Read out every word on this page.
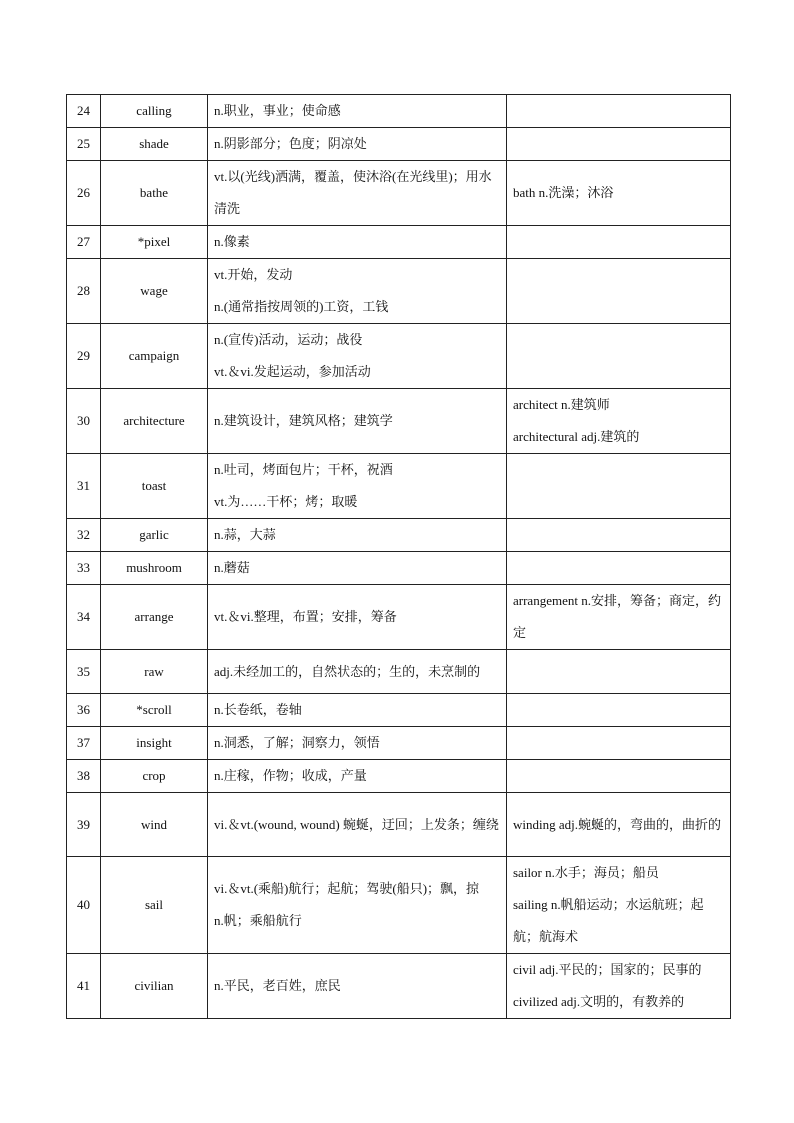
24	calling	n.职业，事业；使命感	

25	shade	n.阴影部分；色度；阴凉处	

26	bathe	vt.以(光线)洒满，覆盖，使沐浴(在光线里)；用水清洗	bath n.洗澡；沐浴

27	*pixel	n.像素	

28	wage	vt.开始，发动
n.(通常指按周领的)工资，工钱	

29	campaign	n.(宣传)活动，运动；战役
vt.＆vi.发起运动，参加活动	

30	architecture	n.建筑设计，建筑风格；建筑学	architect n.建筑师
architectural adj.建筑的

31	toast	n.吐司，烤面包片；干杯，祝酒
vt.为……干杯；烤；取暖	

32	garlic	n.蒜，大蒜	

33	mushroom	n.蘑菇	

34	arrange	vt.＆vi.整理，布置；安排，筹备	arrangement n.安排，筹备；商定，约定

35	raw	adj.未经加工的，自然状态的；生的，未烹制的	

36	*scroll	n.长卷纸，卷轴	

37	insight	n.洞悉，了解；洞察力，领悟	

38	crop	n.庄稼，作物；收成，产量	

39	wind	vi.＆vt.(wound, wound) 蜿蜒，迂回；上发条；缠绕	winding adj.蜿蜒的，弯曲的，曲折的

40	sail	vi.＆vt.(乘船)航行；起航；驾驶(船只)；飘，掠
n.帆；乘船航行	sailor n.水手；海员；船员
sailing n.帆船运动；水运航班；起航；航海术

41	civilian	n.平民，老百姓，庶民	civil adj.平民的；国家的；民事的
civilized adj.文明的，有教养的
